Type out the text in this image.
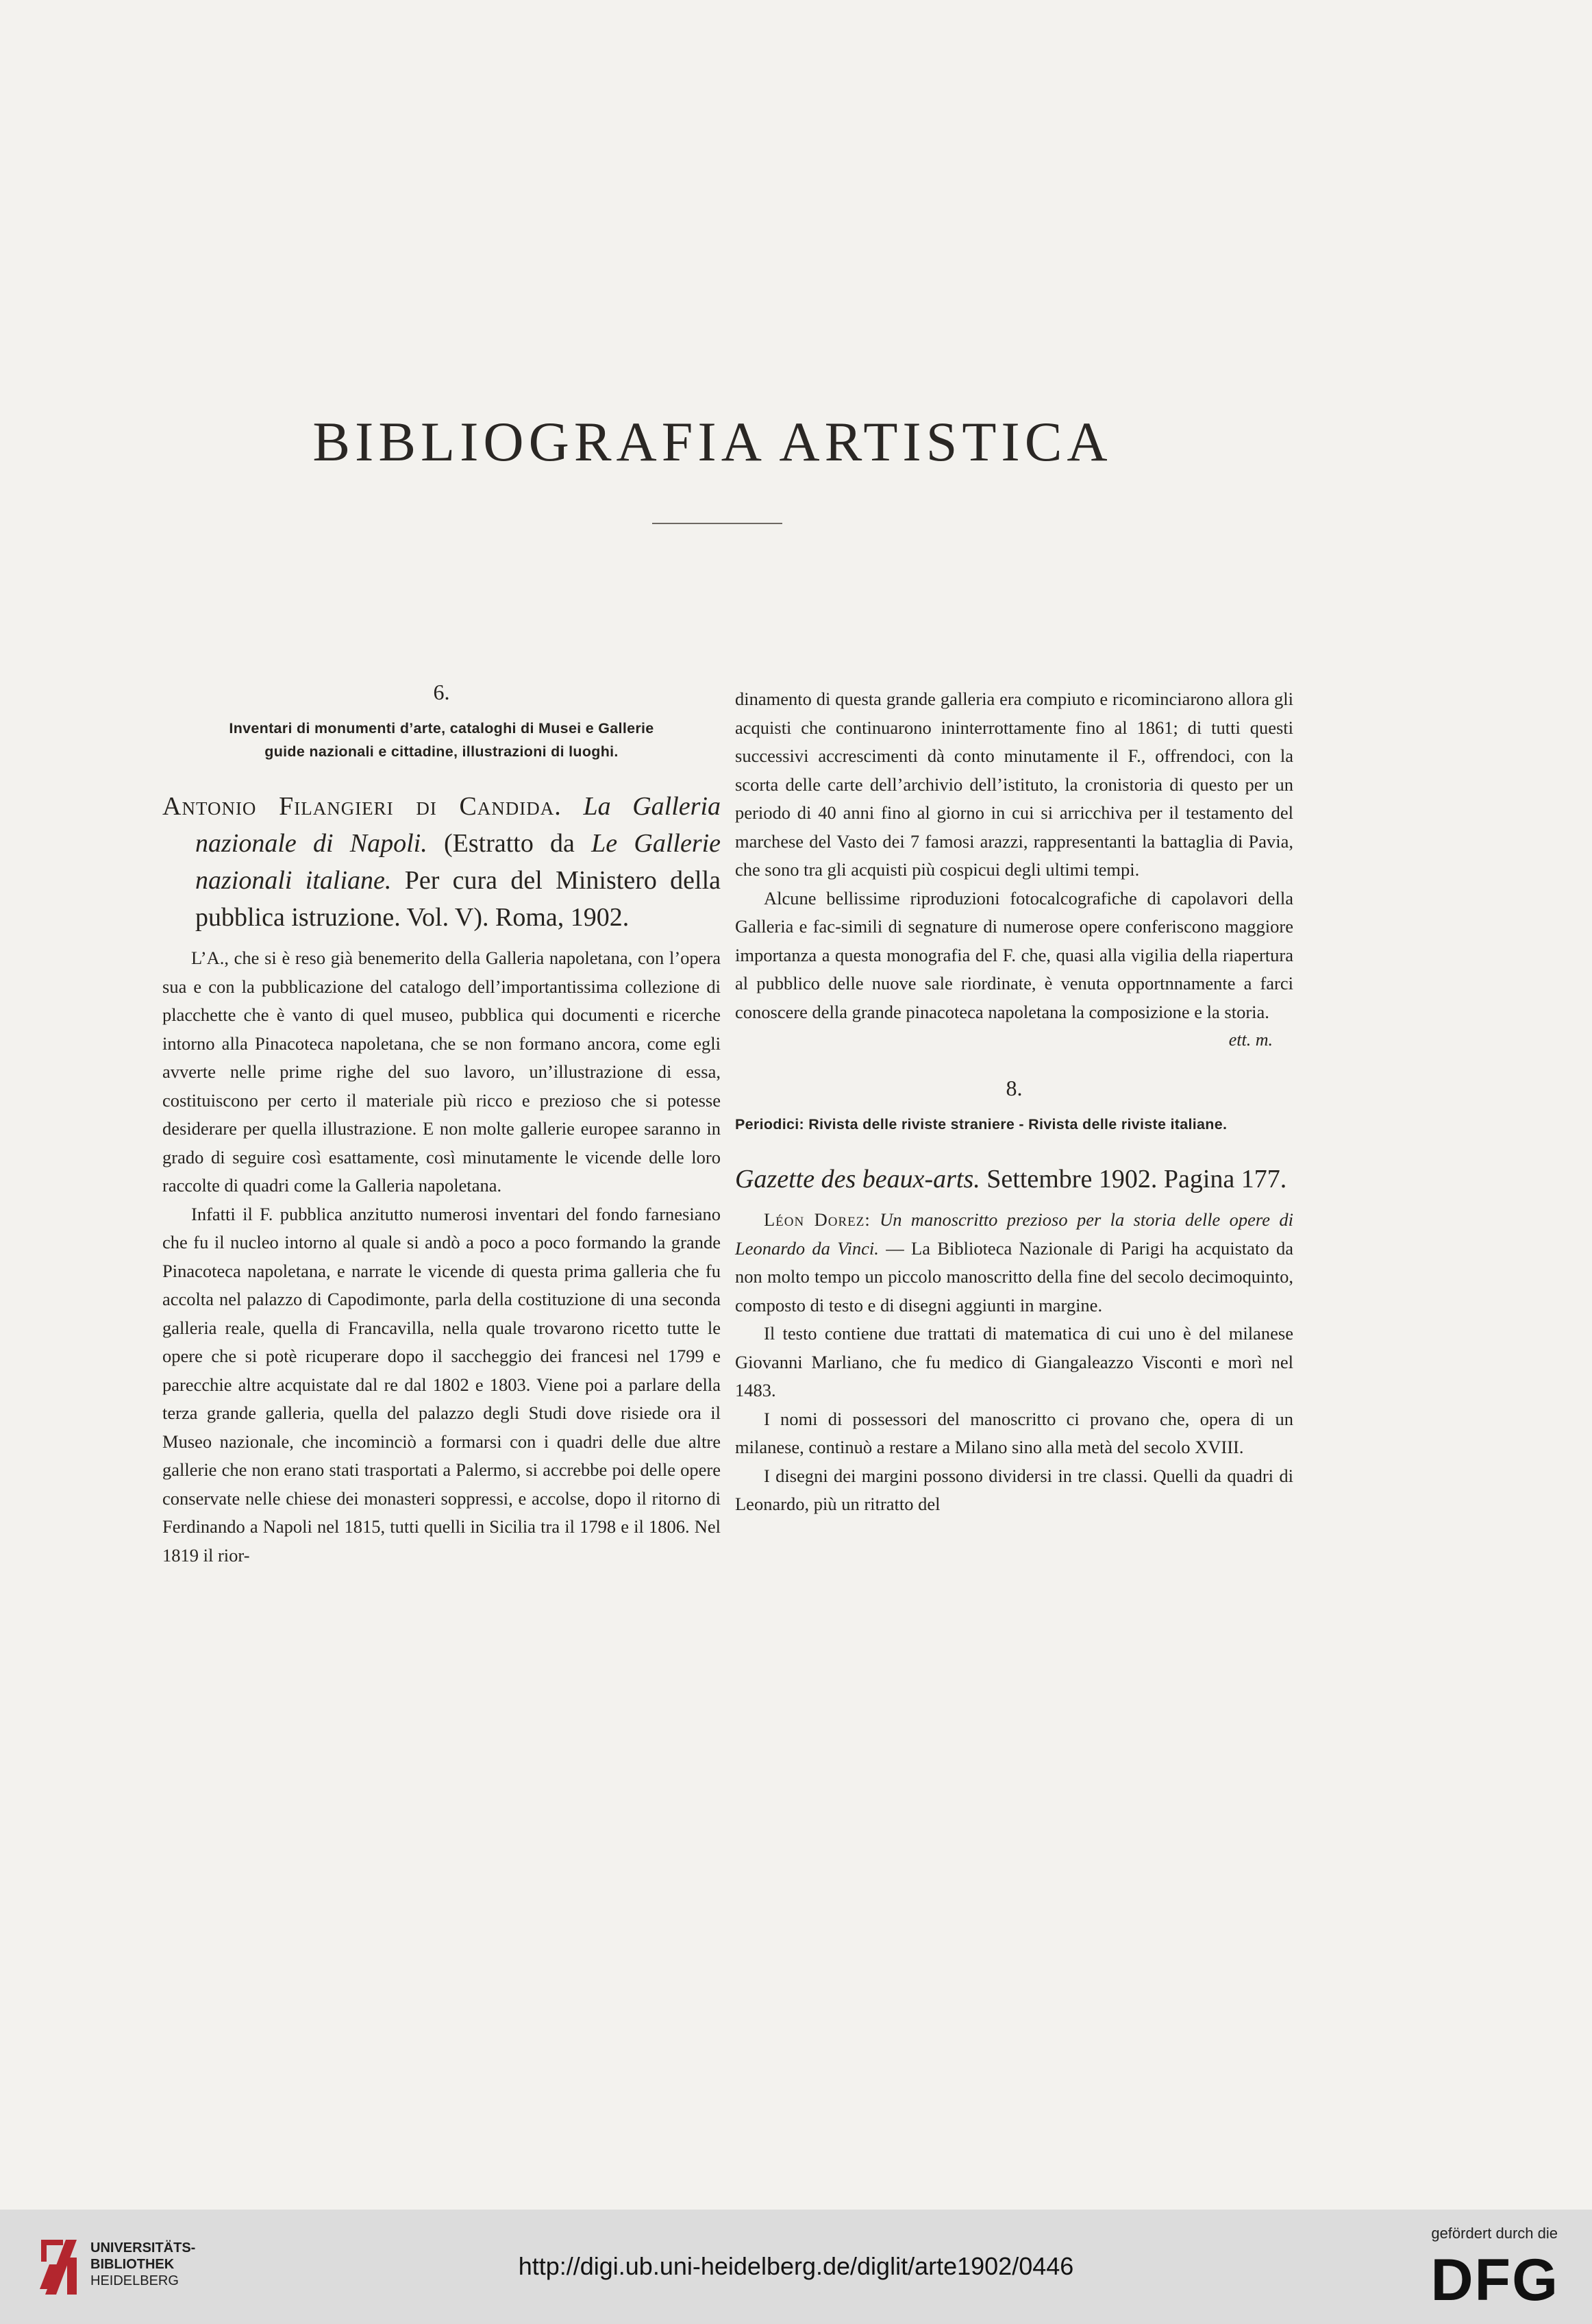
BIBLIOGRAFIA ARTISTICA

6.

Inventari di monumenti d’arte, cataloghi di Musei e Gallerie
guide nazionali e cittadine, illustrazioni di luoghi.

Antonio Filangieri di Candida. La Galleria nazionale di Napoli. (Estratto da Le Gallerie nazionali italiane. Per cura del Ministero della pubblica istruzione. Vol. V). Roma, 1902.

L’A., che si è reso già benemerito della Galleria napoletana, con l’opera sua e con la pubblicazione del catalogo dell’importantissima collezione di placchette che è vanto di quel museo, pubblica qui documenti e ricerche intorno alla Pinacoteca napoletana, che se non formano ancora, come egli avverte nelle prime righe del suo lavoro, un’illustrazione di essa, costituiscono per certo il materiale più ricco e prezioso che si potesse desiderare per quella illustrazione. E non molte gallerie europee saranno in grado di seguire così esattamente, così minutamente le vicende delle loro raccolte di quadri come la Galleria napoletana.

Infatti il F. pubblica anzitutto numerosi inventari del fondo farnesiano che fu il nucleo intorno al quale si andò a poco a poco formando la grande Pinacoteca napoletana, e narrate le vicende di questa prima galleria che fu accolta nel palazzo di Capodimonte, parla della costituzione di una seconda galleria reale, quella di Francavilla, nella quale trovarono ricetto tutte le opere che si potè ricuperare dopo il saccheggio dei francesi nel 1799 e parecchie altre acquistate dal re dal 1802 e 1803. Viene poi a parlare della terza grande galleria, quella del palazzo degli Studi dove risiede ora il Museo nazionale, che incominciò a formarsi con i quadri delle due altre gallerie che non erano stati trasportati a Palermo, si accrebbe poi delle opere conservate nelle chiese dei monasteri soppressi, e accolse, dopo il ritorno di Ferdinando a Napoli nel 1815, tutti quelli in Sicilia tra il 1798 e il 1806. Nel 1819 il rior-

dinamento di questa grande galleria era compiuto e ricominciarono allora gli acquisti che continuarono ininterrottamente fino al 1861; di tutti questi successivi accrescimenti dà conto minutamente il F., offrendoci, con la scorta delle carte dell’archivio dell’istituto, la cronistoria di questo per un periodo di 40 anni fino al giorno in cui si arricchiva per il testamento del marchese del Vasto dei 7 famosi arazzi, rappresentanti la battaglia di Pavia, che sono tra gli acquisti più cospicui degli ultimi tempi.

Alcune bellissime riproduzioni fotocalcografiche di capolavori della Galleria e fac-simili di segnature di numerose opere conferiscono maggiore importanza a questa monografia del F. che, quasi alla vigilia della riapertura al pubblico delle nuove sale riordinate, è venuta opportnnamente a farci conoscere della grande pinacoteca napoletana la composizione e la storia.

ett. m.

8.

Periodici: Rivista delle riviste straniere - Rivista delle riviste italiane.

Gazette des beaux-arts. Settembre 1902. Pagina 177.

Léon Dorez: Un manoscritto prezioso per la storia delle opere di Leonardo da Vinci. — La Biblioteca Nazionale di Parigi ha acquistato da non molto tempo un piccolo manoscritto della fine del secolo decimoquinto, composto di testo e di disegni aggiunti in margine.

Il testo contiene due trattati di matematica di cui uno è del milanese Giovanni Marliano, che fu medico di Giangaleazzo Visconti e morì nel 1483.

I nomi di possessori del manoscritto ci provano che, opera di un milanese, continuò a restare a Milano sino alla metà del secolo XVIII.

I disegni dei margini possono dividersi in tre classi. Quelli da quadri di Leonardo, più un ritratto del

UNIVERSITÄTS-
BIBLIOTHEK
HEIDELBERG
http://digi.ub.uni-heidelberg.de/diglit/arte1902/0446
gefördert durch die
DFG
